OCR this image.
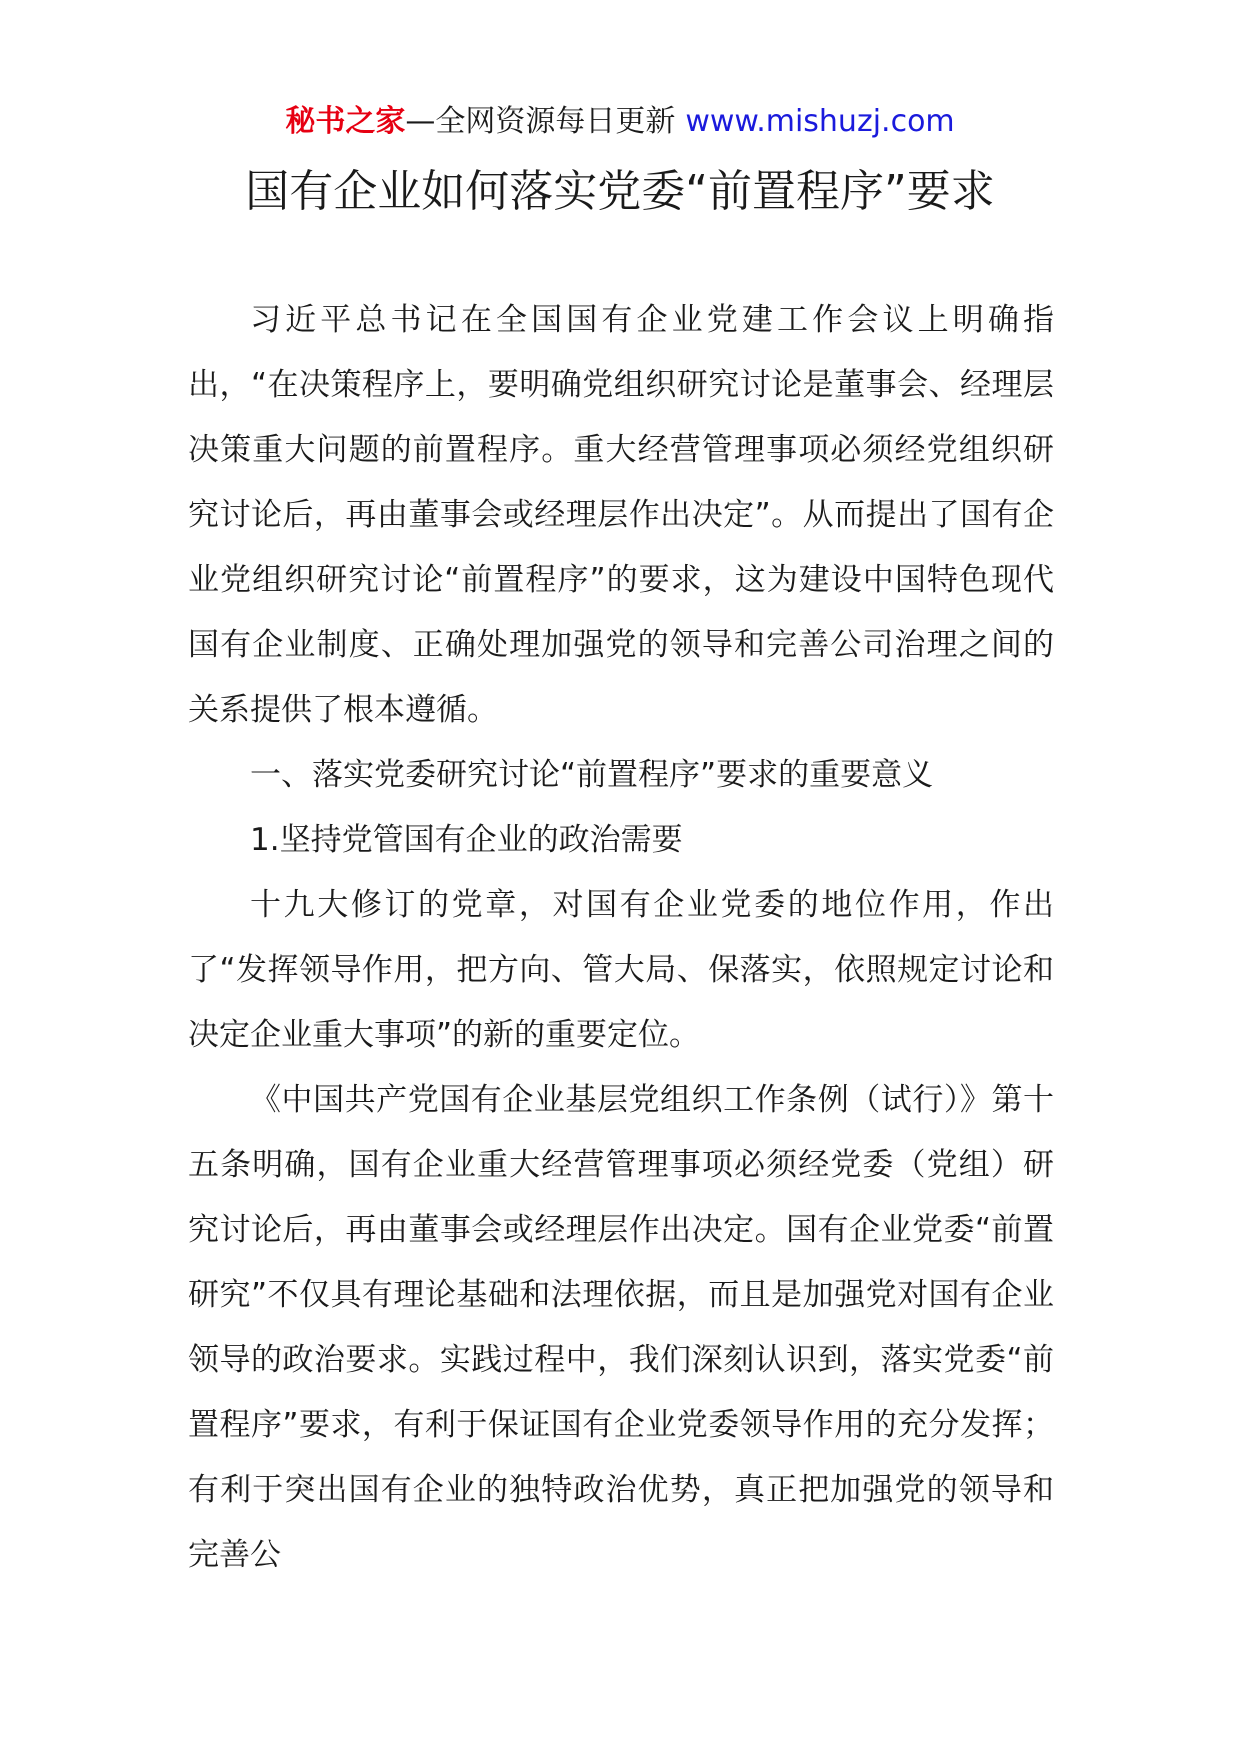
秘书之家—全网资源每日更新 www.mishuzj.com
国有企业如何落实党委“前置程序”要求

习近平总书记在全国国有企业党建工作会议上明确指出，“在决策程序上，要明确党组织研究讨论是董事会、经理层决策重大问题的前置程序。重大经营管理事项必须经党组织研究讨论后，再由董事会或经理层作出决定”。从而提出了国有企业党组织研究讨论“前置程序”的要求，这为建设中国特色现代国有企业制度、正确处理加强党的领导和完善公司治理之间的关系提供了根本遵循。

一、落实党委研究讨论“前置程序”要求的重要意义

1.坚持党管国有企业的政治需要

十九大修订的党章，对国有企业党委的地位作用，作出了“发挥领导作用，把方向、管大局、保落实，依照规定讨论和决定企业重大事项”的新的重要定位。

《中国共产党国有企业基层党组织工作条例（试行）》第十五条明确，国有企业重大经营管理事项必须经党委（党组）研究讨论后，再由董事会或经理层作出决定。国有企业党委“前置研究”不仅具有理论基础和法理依据，而且是加强党对国有企业领导的政治要求。实践过程中，我们深刻认识到，落实党委“前置程序”要求，有利于保证国有企业党委领导作用的充分发挥；有利于突出国有企业的独特政治优势，真正把加强党的领导和完善公
